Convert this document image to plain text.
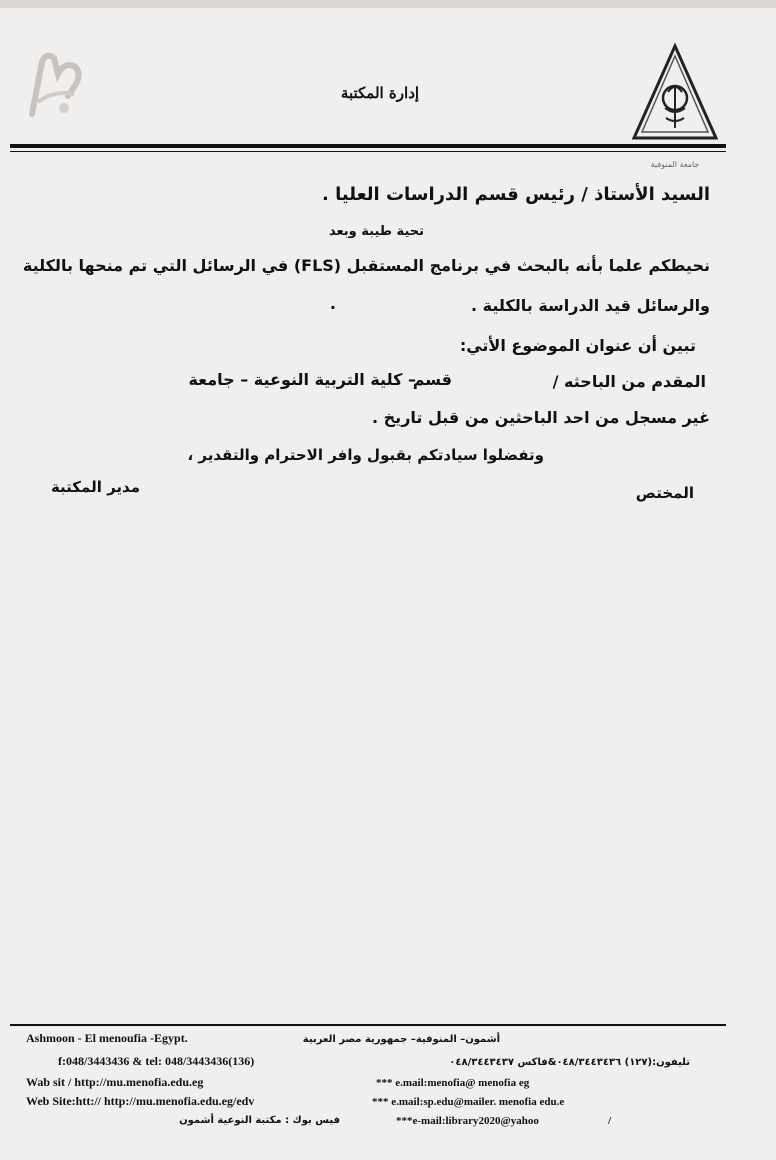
إدارة المكتبة
جامعة المنوفية
السيد الأستاذ / رئيس قسم الدراسات العليا .
تحية طيبة وبعد
نحيطكم علما بأنه بالبحث في برنامج المستقبل (FLS) في الرسائل التي تم منحها بالكلية
والرسائل قيد الدراسة بالكلية .
.
تبين أن عنوان الموضوع الأتي:
المقدم من الباحثه /
قسم
– كلية التربية النوعية – جامعة
غير مسجل من احد الباحثين من قبل تاريخ .
وتفضلوا سيادتكم بقبول وافر الاحترام والتقدير ،
المختص
مدير المكتبة
Ashmoon - El menoufia -Egypt.
f:048/3443436 & tel: 048/3443436(136)
Wab sit / http://mu.menofia.edu.eg
Web Site:htt:// http://mu.menofia.edu.eg/edv
فيس بوك : مكتبة النوعية أشمون
أشمون– المنوفية– جمهورية مصر العربية
تليفون:(١٢٧) ٠٤٨/٣٤٤٣٤٣٦&فاكس ٠٤٨/٣٤٤٣٤٣٧
*** e.mail:menofia@ menofia eg
*** e.mail:sp.edu@mailer. menofia edu.e
***e-mail:library2020@yahoo	/
